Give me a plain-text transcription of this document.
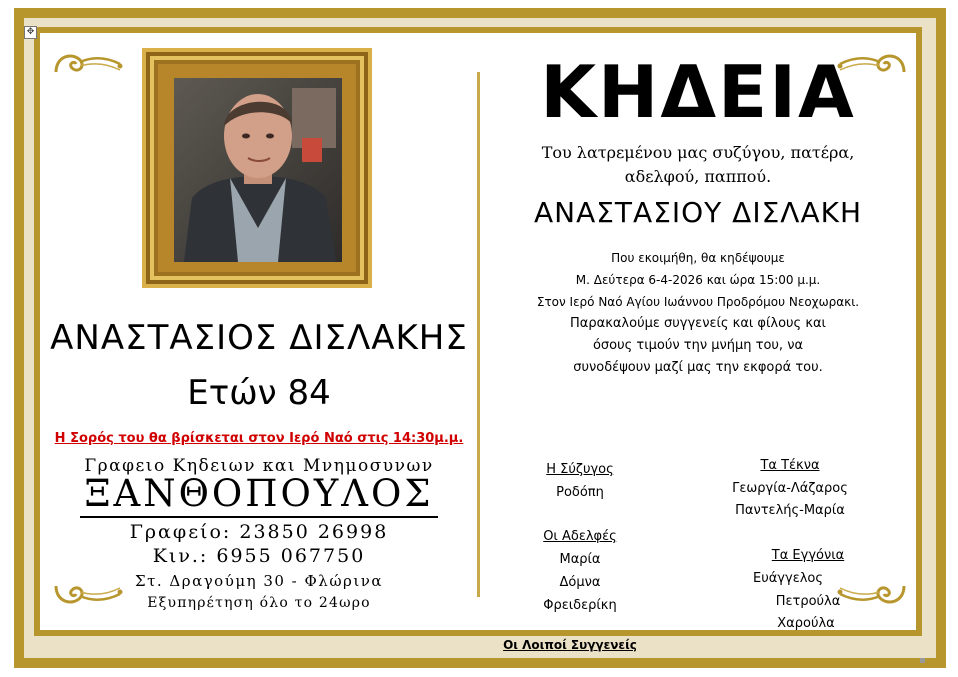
✥
ΑΝΑΣΤΑΣΙΟΣ ΔΙΣΛΑΚΗΣ
Ετών 84
Η Σορός του θα βρίσκεται στον Ιερό Ναό στις 14:30μ.μ.
Γραφειο Κηδειων και Μνημοσυνων
ΞΑΝΘΟΠΟΥΛΟΣ
Γραφείο: 23850 26998
Κιν.: 6955 067750
Στ. Δραγούμη 30 - Φλώρινα
Εξυπηρέτηση όλο το 24ωρο
ΚΗΔΕΙΑ
Του λατρεμένου μας συζύγου, πατέρα,
αδελφού, παππού.
ΑΝΑΣΤΑΣΙΟΥ ΔΙΣΛΑΚΗ
Που εκοιμήθη, θα κηδέψουμε
Μ. Δεύτερα 6-4-2026 και ώρα 15:00 μ.μ.
Στον Ιερό Ναό Αγίου Ιωάννου Προδρόμου Νεοχωρακι.
Παρακαλούμε συγγενείς και φίλους και
όσους τιμούν την μνήμη του, να
συνοδέψουν μαζί μας την εκφορά του.
Η Σύζυγος
Ροδόπη
Τα Τέκνα
Γεωργία-Λάζαρος
Παντελής-Μαρία
Οι Αδελφές
Μαρία
Δόμνα
Φρειδερίκη
Τα Εγγόνια
Ευάγγελος
Πετρούλα
Χαρούλα
Οι Λοιποί Συγγενείς
